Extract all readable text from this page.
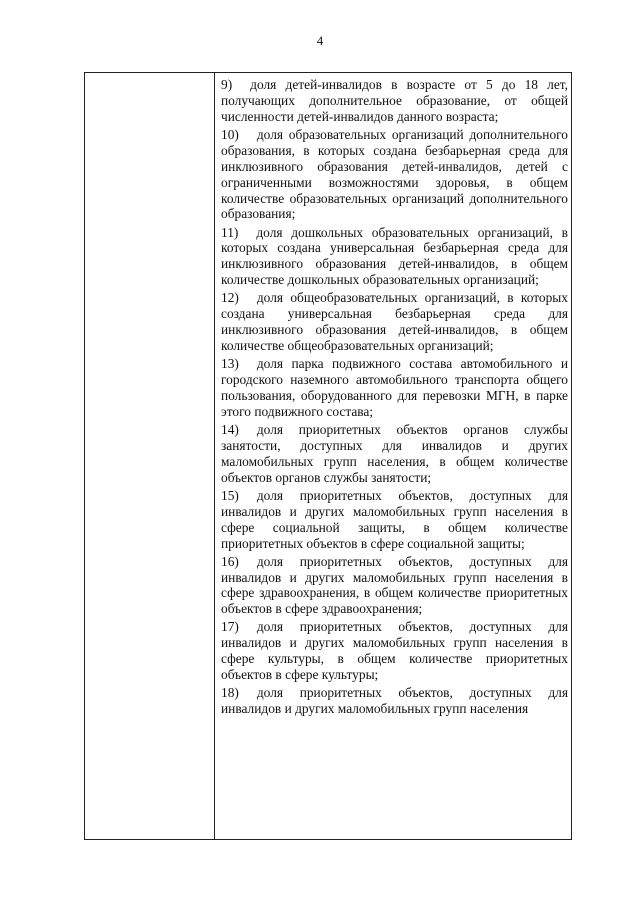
4

9) доля детей-инвалидов в возрасте от 5 до 18 лет, получающих дополнительное образование, от общей численности детей-инвалидов данного возраста;

10) доля образовательных организаций дополнительного образования, в которых создана безбарьерная среда для инклюзивного образования детей-инвалидов, детей с ограниченными возможностями здоровья, в общем количестве образовательных организаций дополнительного образования;

11) доля дошкольных образовательных организаций, в которых создана универсальная безбарьерная среда для инклюзивного образования детей-инвалидов, в общем количестве дошкольных образовательных организаций;

12) доля общеобразовательных организаций, в которых создана универсальная безбарьерная среда для инклюзивного образования детей-инвалидов, в общем количестве общеобразовательных организаций;

13) доля парка подвижного состава автомобильного и городского наземного автомобильного транспорта общего пользования, оборудованного для перевозки МГН, в парке этого подвижного состава;

14) доля приоритетных объектов органов службы занятости, доступных для инвалидов и других маломобильных групп населения, в общем количестве объектов органов службы занятости;

15) доля приоритетных объектов, доступных для инвалидов и других маломобильных групп населения в сфере социальной защиты, в общем количестве приоритетных объектов в сфере социальной защиты;

16) доля приоритетных объектов, доступных для инвалидов и других маломобильных групп населения в сфере здравоохранения, в общем количестве приоритетных объектов в сфере здравоохранения;

17) доля приоритетных объектов, доступных для инвалидов и других маломобильных групп населения в сфере культуры, в общем количестве приоритетных объектов в сфере культуры;

18) доля приоритетных объектов, доступных для инвалидов и других маломобильных групп населения
